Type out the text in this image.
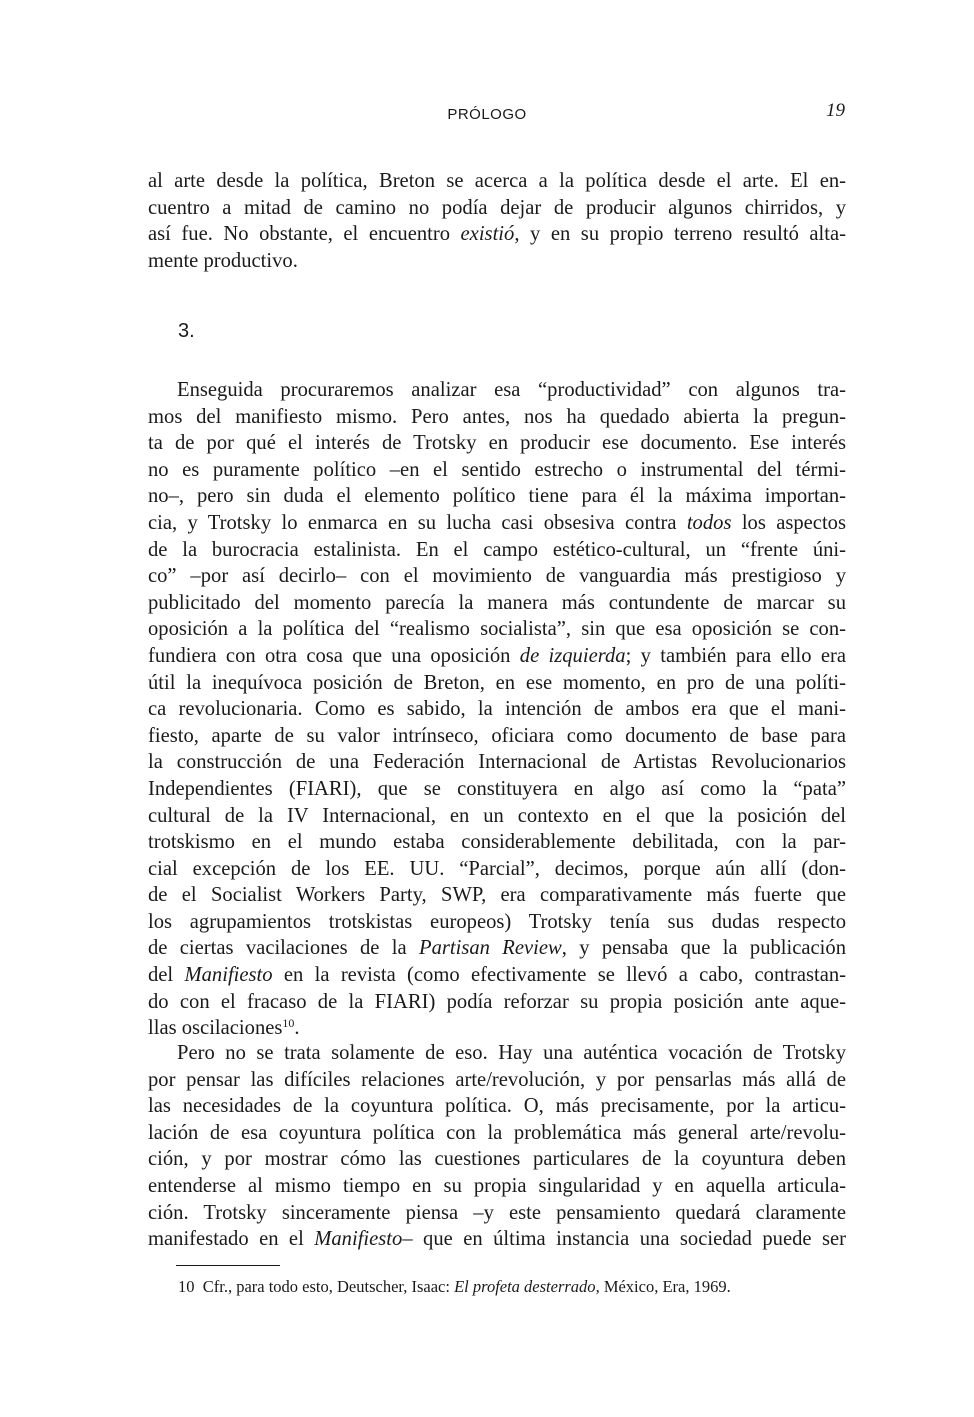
PRÓLOGO	19
al arte desde la política, Breton se acerca a la política desde el arte. El en-
cuentro a mitad de camino no podía dejar de producir algunos chirridos, y
así fue. No obstante, el encuentro existió, y en su propio terreno resultó alta-
mente productivo.
3.
Enseguida procuraremos analizar esa “productividad” con algunos tra-
mos del manifiesto mismo. Pero antes, nos ha quedado abierta la pregun-
ta de por qué el interés de Trotsky en producir ese documento. Ese interés
no es puramente político –en el sentido estrecho o instrumental del térmi-
no–, pero sin duda el elemento político tiene para él la máxima importan-
cia, y Trotsky lo enmarca en su lucha casi obsesiva contra todos los aspectos
de la burocracia estalinista. En el campo estético-cultural, un “frente úni-
co” –por así decirlo– con el movimiento de vanguardia más prestigioso y
publicitado del momento parecía la manera más contundente de marcar su
oposición a la política del “realismo socialista”, sin que esa oposición se con-
fundiera con otra cosa que una oposición de izquierda; y también para ello era
útil la inequívoca posición de Breton, en ese momento, en pro de una políti-
ca revolucionaria. Como es sabido, la intención de ambos era que el mani-
fiesto, aparte de su valor intrínseco, oficiara como documento de base para
la construcción de una Federación Internacional de Artistas Revolucionarios
Independientes (FIARI), que se constituyera en algo así como la “pata”
cultural de la IV Internacional, en un contexto en el que la posición del
trotskismo en el mundo estaba considerablemente debilitada, con la par-
cial excepción de los EE. UU. “Parcial”, decimos, porque aún allí (don-
de el Socialist Workers Party, SWP, era comparativamente más fuerte que
los agrupamientos trotskistas europeos) Trotsky tenía sus dudas respecto
de ciertas vacilaciones de la Partisan Review, y pensaba que la publicación
del Manifiesto en la revista (como efectivamente se llevó a cabo, contrastan-
do con el fracaso de la FIARI) podía reforzar su propia posición ante aque-
llas oscilaciones$^{10}$.
Pero no se trata solamente de eso. Hay una auténtica vocación de Trotsky
por pensar las difíciles relaciones arte/revolución, y por pensarlas más allá de
las necesidades de la coyuntura política. O, más precisamente, por la articu-
lación de esa coyuntura política con la problemática más general arte/revolu-
ción, y por mostrar cómo las cuestiones particulares de la coyuntura deben
entenderse al mismo tiempo en su propia singularidad y en aquella articula-
ción. Trotsky sinceramente piensa –y este pensamiento quedará claramente
manifestado en el Manifiesto– que en última instancia una sociedad puede ser
10 Cfr., para todo esto, Deutscher, Isaac: El profeta desterrado, México, Era, 1969.
